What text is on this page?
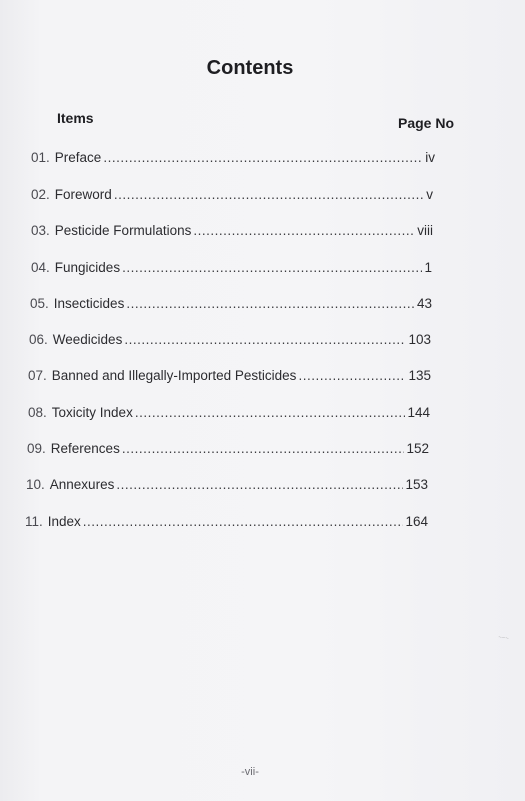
Contents
Items	Page No
01. Preface .....	iv
02. Foreword .....	v
03. Pesticide Formulations .....	viii
04. Fungicides .....	1
05. Insecticides .....	43
06. Weedicides .....	103
07. Banned and Illegally-Imported Pesticides .....	135
08. Toxicity Index .....	144
09. References .....	152
10. Annexures .....	153
11. Index .....	164
-vii-
~~~
